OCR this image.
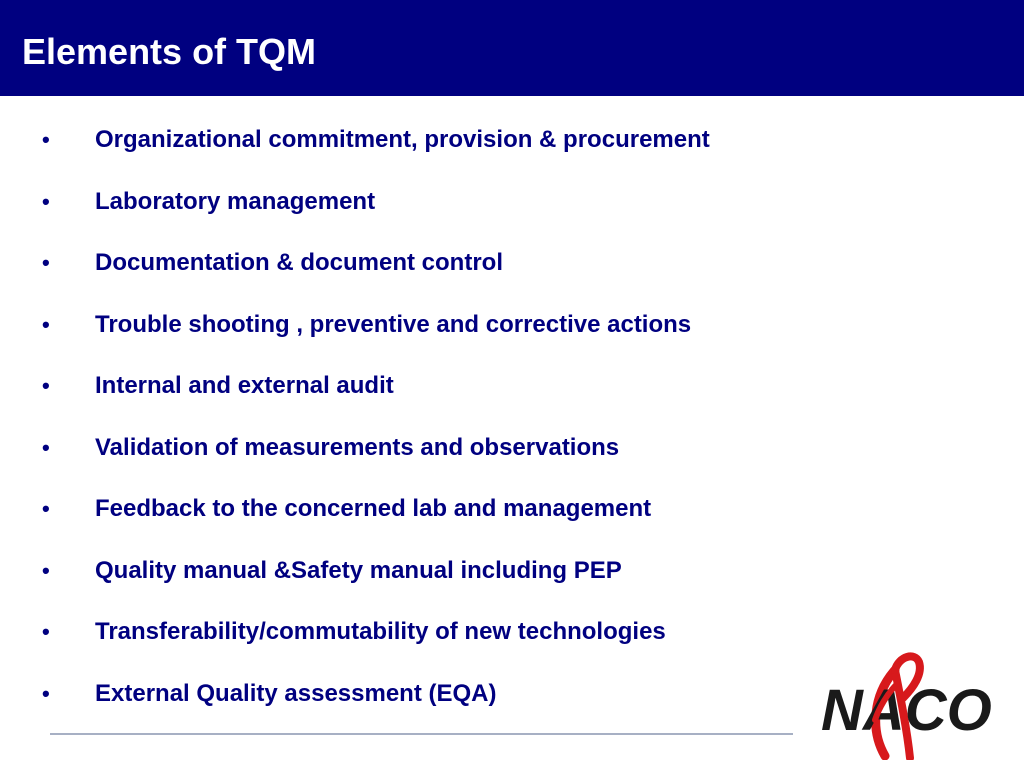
Elements of TQM
• Organizational commitment, provision & procurement
• Laboratory management
• Documentation & document control
• Trouble shooting , preventive and corrective actions
• Internal and external audit
• Validation of measurements and observations
• Feedback to the concerned lab and management
• Quality manual &Safety manual including PEP
• Transferability/commutability of new technologies
• External Quality assessment (EQA)	NACO
